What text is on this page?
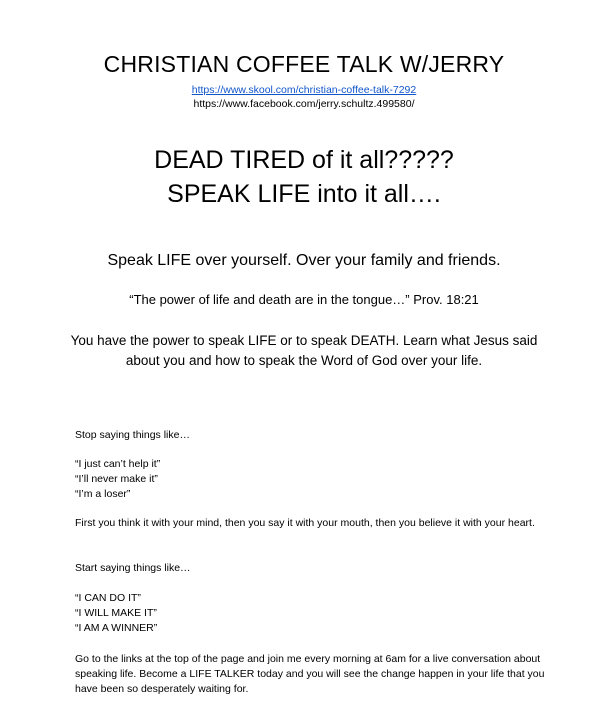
CHRISTIAN COFFEE TALK W/JERRY
https://www.skool.com/christian-coffee-talk-7292
https://www.facebook.com/jerry.schultz.499580/
DEAD TIRED of it all?????
SPEAK LIFE into it all….
Speak LIFE over yourself. Over your family and friends.
“The power of life and death are in the tongue…” Prov. 18:21
You have the power to speak LIFE or to speak DEATH. Learn what Jesus said about you and how to speak the Word of God over your life.
Stop saying things like…
“I just can’t help it”
“I’ll never make it”
“I’m a loser”
First you think it with your mind, then you say it with your mouth, then you believe it with your heart.
Start saying things like…
“I CAN DO IT”
“I WILL MAKE IT”
“I AM A WINNER”
Go to the links at the top of the page and join me every morning at 6am for a live conversation about speaking life. Become a LIFE TALKER today and you will see the change happen in your life that you have been so desperately waiting for.
